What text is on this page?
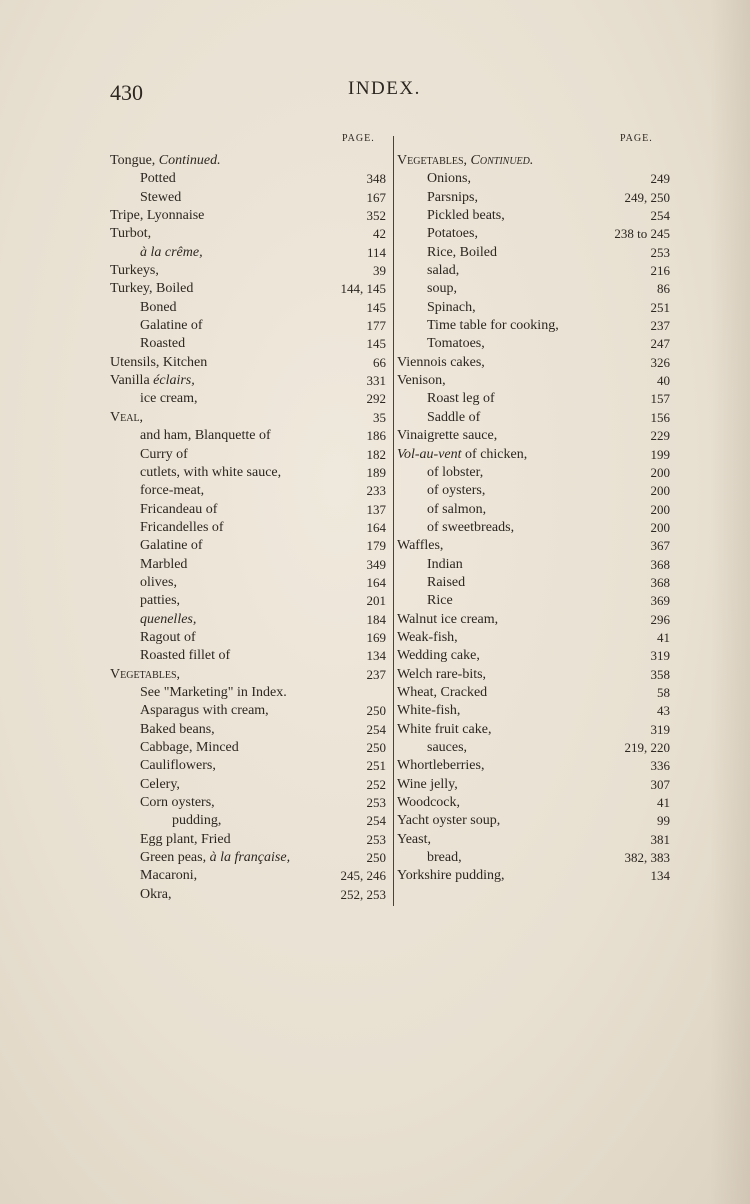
430	INDEX.
PAGE.	PAGE.
Tongue, Continued.
Potted	348
Stewed	167
Tripe, Lyonnaise	352
Turbot,	42
à la crême,	114
Turkeys,	39
Turkey, Boiled	144, 145
Boned	145
Galatine of	177
Roasted	145
Utensils, Kitchen	66
Vanilla éclairs,	331
ice cream,	292
Veal,	35
and ham, Blanquette of	186
Curry of	182
cutlets, with white sauce,	189
force-meat,	233
Fricandeau of	137
Fricandelles of	164
Galatine of	179
Marbled	349
olives,	164
patties,	201
quenelles,	184
Ragout of	169
Roasted fillet of	134
Vegetables,	237
See "Marketing" in Index.
Asparagus with cream,	250
Baked beans,	254
Cabbage, Minced	250
Cauliflowers,	251
Celery,	252
Corn oysters,	253
pudding,	254
Egg plant, Fried	253
Green peas, à la française,	250
Macaroni,	245, 246
Okra,	252, 253
Vegetables, Continued.
Onions,	249
Parsnips,	249, 250
Pickled beats,	254
Potatoes,	238 to 245
Rice, Boiled	253
salad,	216
soup,	86
Spinach,	251
Time table for cooking,	237
Tomatoes,	247
Viennois cakes,	326
Venison,	40
Roast leg of	157
Saddle of	156
Vinaigrette sauce,	229
Vol-au-vent of chicken,	199
of lobster,	200
of oysters,	200
of salmon,	200
of sweetbreads,	200
Waffles,	367
Indian	368
Raised	368
Rice	369
Walnut ice cream,	296
Weak-fish,	41
Wedding cake,	319
Welch rare-bits,	358
Wheat, Cracked	58
White-fish,	43
White fruit cake,	319
sauces,	219, 220
Whortleberries,	336
Wine jelly,	307
Woodcock,	41
Yacht oyster soup,	99
Yeast,	381
bread,	382, 383
Yorkshire pudding,	134
